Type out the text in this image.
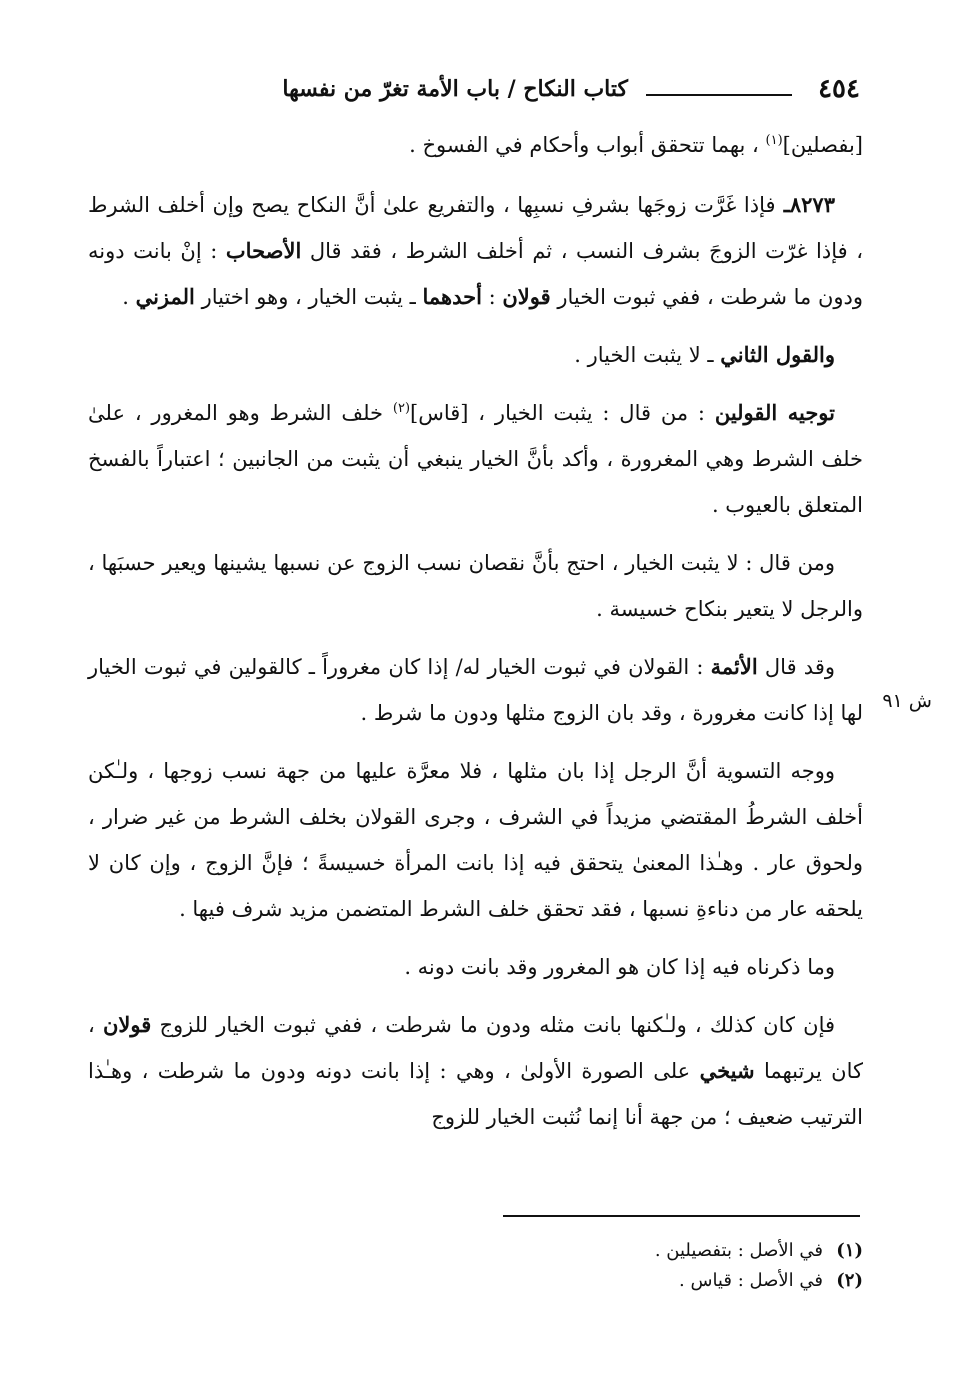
٤٥٤
كتاب النكاح / باب الأمة تغرّ من نفسها

[بفصلين]$^{(١)}$ ، بهما تتحقق أبواب وأحكام في الفسوخ .

٨٢٧٣ـ فإذا غَرَّت زوجَها بشرفِ نسبِها ، والتفريع علىٰ أنَّ النكاح يصح وإن أخلف الشرط ، فإذا غرّت الزوجَ بشرف النسب ، ثم أخلف الشرط ، فقد قال الأصحاب : إنْ بانت دونه ودون ما شرطت ، ففي ثبوت الخيار قولان : أحدهما ـ يثبت الخيار ، وهو اختيار المزني .

والقول الثاني ـ لا يثبت الخيار .

توجيه القولين : من قال : يثبت الخيار ، [قاس]$^{(٢)}$ خلف الشرط وهو المغرور ، علىٰ خلف الشرط وهي المغرورة ، وأكد بأنَّ الخيار ينبغي أن يثبت من الجانبين ؛ اعتباراً بالفسخ المتعلق بالعيوب .

ومن قال : لا يثبت الخيار ، احتج بأنَّ نقصان نسب الزوج عن نسبها يشينها ويعير حسبَها ، والرجل لا يتعير بنكاح خسيسة .

وقد قال الأئمة : القولان في ثبوت الخيار له/ إذا كان مغروراً ـ كالقولين في ثبوت الخيار لها إذا كانت مغرورة ، وقد بان الزوج مثلها ودون ما شرط .

ووجه التسوية أنَّ الرجل إذا بان مثلها ، فلا معرَّة عليها من جهة نسب زوجها ، ولـٰكن أخلف الشرطُ المقتضي مزيداً في الشرف ، وجرى القولان بخلف الشرط من غير ضرار ، ولحوق عار . وهـٰذا المعنىٰ يتحقق فيه إذا بانت المرأة خسيسةً ؛ فإنَّ الزوج ، وإن كان لا يلحقه عار من دناءةِ نسبها ، فقد تحقق خلف الشرط المتضمن مزيد شرف فيها .

وما ذكرناه فيه إذا كان هو المغرور وقد بانت دونه .

فإن كان كذلك ، ولـٰكنها بانت مثله ودون ما شرطت ، ففي ثبوت الخيار للزوج قولان ، كان يرتبهما شيخي على الصورة الأولىٰ ، وهي : إذا بانت دونه ودون ما شرطت ، وهـٰذا الترتيب ضعيف ؛ من جهة أنا إنما نُثبت الخيار للزوج

ش ٩١
(١)في الأصل : بتفصيلين .
(٢)في الأصل : قياس .
